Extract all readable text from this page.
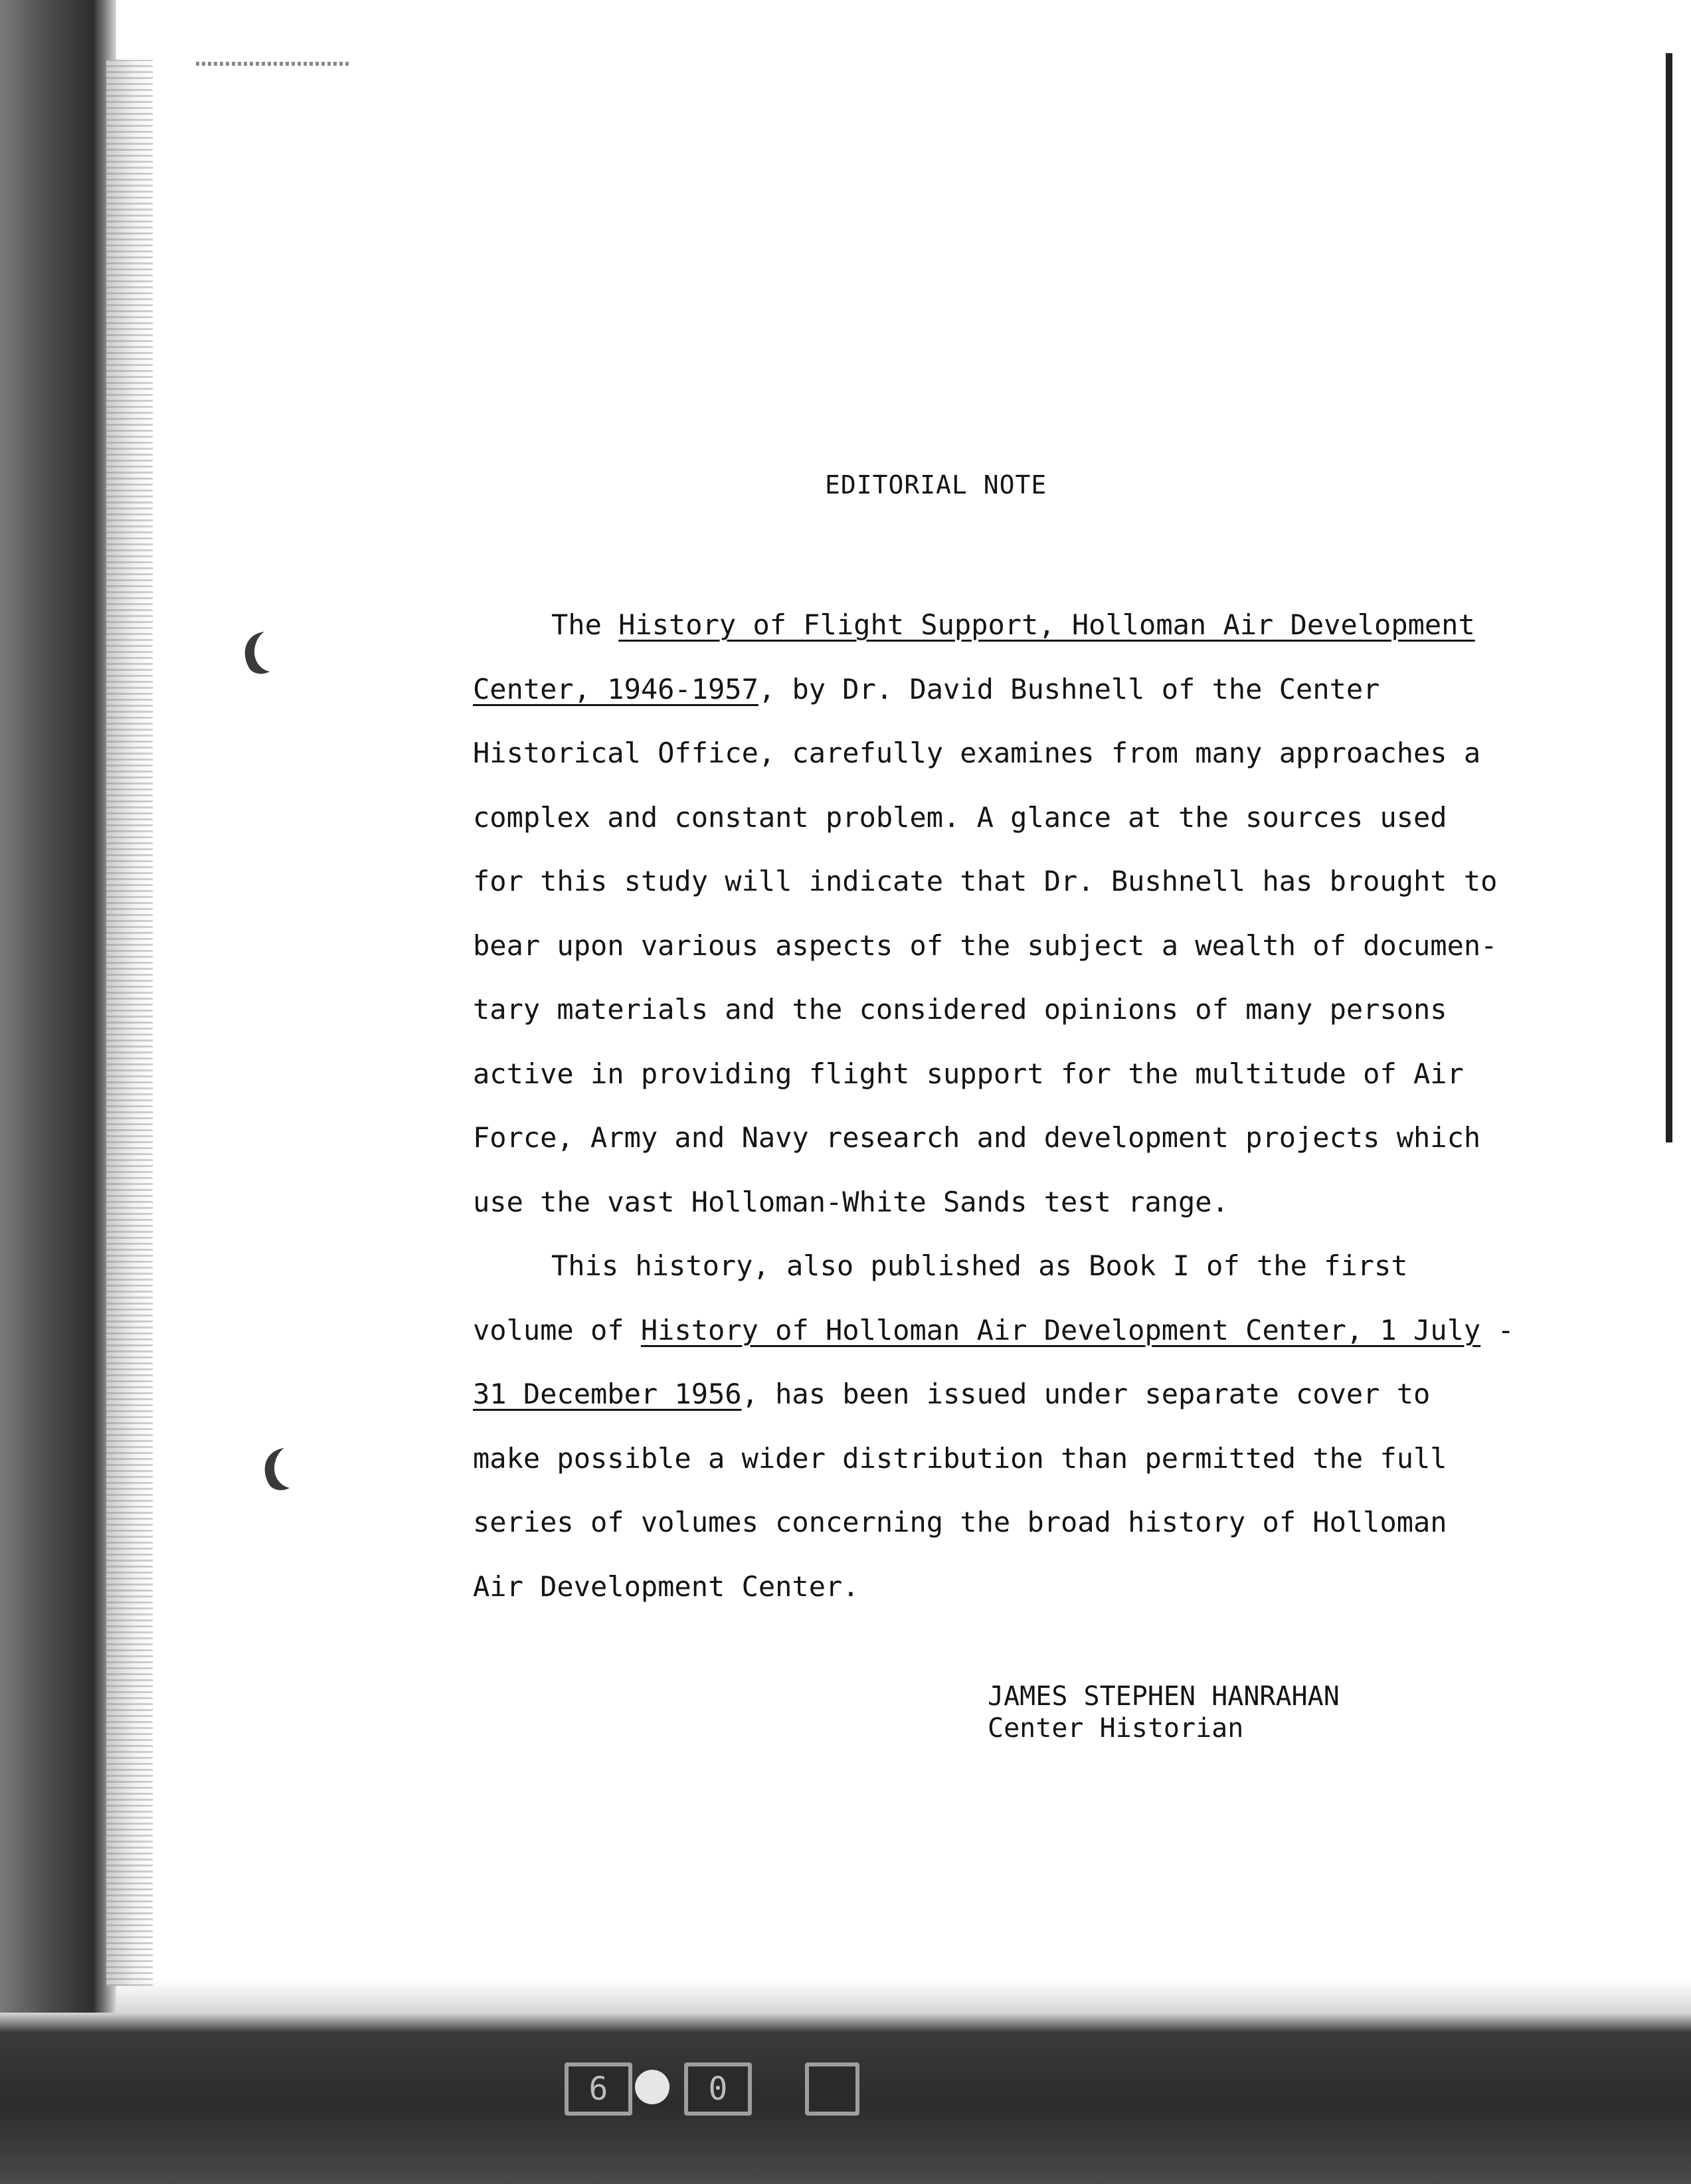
6	0
EDITORIAL NOTE
The History of Flight Support, Holloman Air Development
Center, 1946-1957, by Dr. David Bushnell of the Center
Historical Office, carefully examines from many approaches a
complex and constant problem. A glance at the sources used
for this study will indicate that Dr. Bushnell has brought to
bear upon various aspects of the subject a wealth of documen-
tary materials and the considered opinions of many persons
active in providing flight support for the multitude of Air
Force, Army and Navy research and development projects which
use the vast Holloman-White Sands test range.
This history, also published as Book I of the first
volume of History of Holloman Air Development Center, 1 July -
31 December 1956, has been issued under separate cover to
make possible a wider distribution than permitted the full
series of volumes concerning the broad history of Holloman
Air Development Center.
JAMES STEPHEN HANRAHAN
Center Historian
